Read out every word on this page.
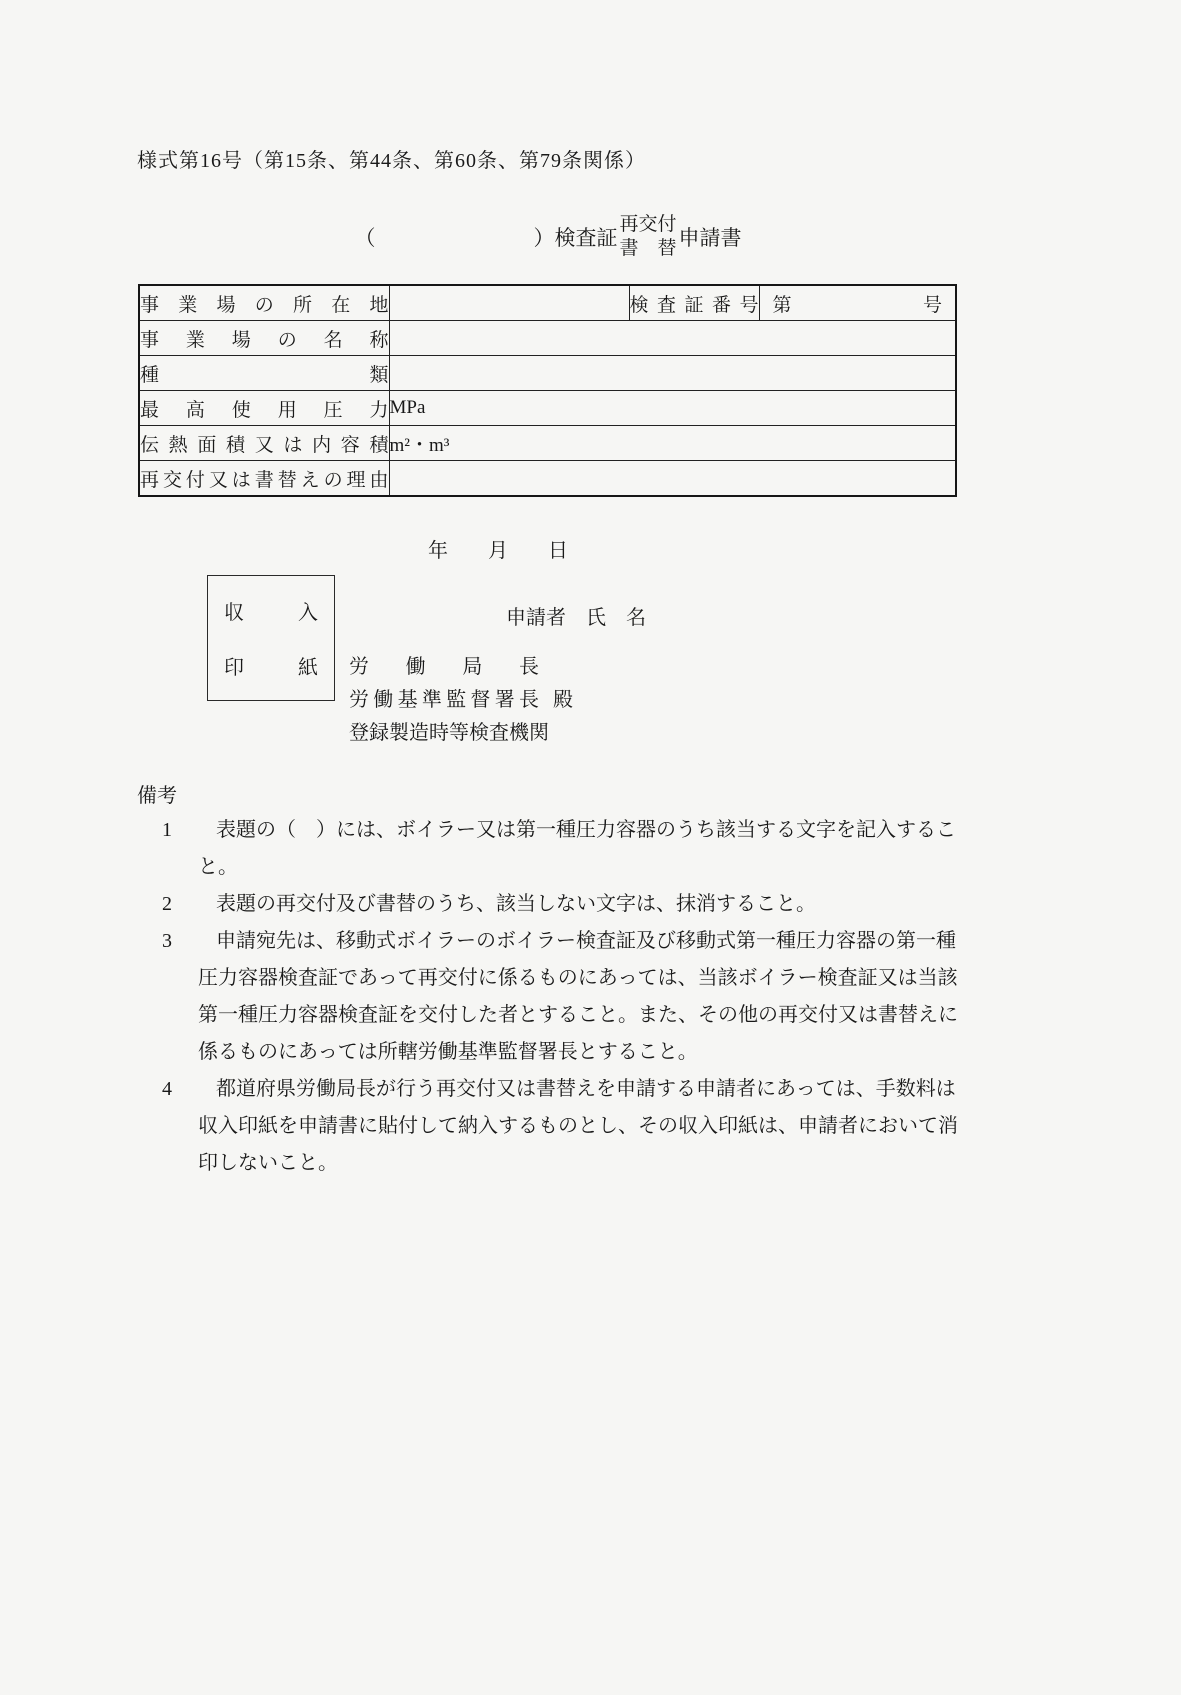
様式第16号（第15条、第44条、第60条、第79条関係）
（	） 検査証
再交付
書替 申請書
事業場の所在地		検査証番号	第 号

事業場の名称			
種類			
最高使用圧力	MPa		
伝熱面積又は内容積	m²・m³		
再交付又は書替えの理由			
年　　月　　日
収入
印紙
申請者　氏　名
労働局長
労働基準監督署長 殿
登録製造時等検査機関
備考
1 表題の（　）には、ボイラー又は第一種圧力容器のうち該当する文字を記入すること。
2 表題の再交付及び書替のうち、該当しない文字は、抹消すること。
3 申請宛先は、移動式ボイラーのボイラー検査証及び移動式第一種圧力容器の第一種圧力容器検査証であって再交付に係るものにあっては、当該ボイラー検査証又は当該第一種圧力容器検査証を交付した者とすること。また、その他の再交付又は書替えに係るものにあっては所轄労働基準監督署長とすること。
4 都道府県労働局長が行う再交付又は書替えを申請する申請者にあっては、手数料は収入印紙を申請書に貼付して納入するものとし、その収入印紙は、申請者において消印しないこと。
